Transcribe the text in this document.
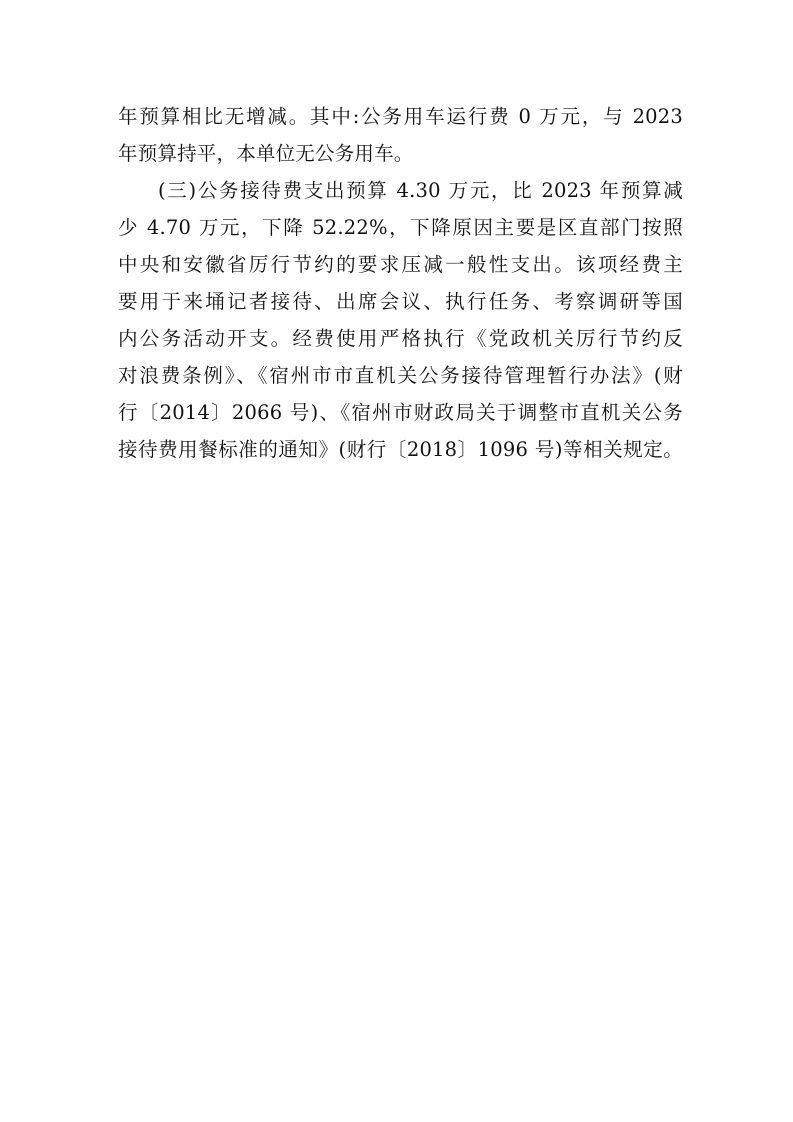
年预算相比无增减。其中:公务用车运行费 0 万元，与 2023
年预算持平，本单位无公务用车。
(三)公务接待费支出预算 4.30 万元，比 2023 年预算减
少 4.70 万元，下降 52.22%，下降原因主要是区直部门按照
中央和安徽省厉行节约的要求压减一般性支出。该项经费主
要用于来埇记者接待、出席会议、执行任务、考察调研等国
内公务活动开支。经费使用严格执行《党政机关厉行节约反
对浪费条例》、《宿州市市直机关公务接待管理暂行办法》(财
行〔2014〕2066 号)、《宿州市财政局关于调整市直机关公务
接待费用餐标准的通知》(财行〔2018〕1096 号)等相关规定。
